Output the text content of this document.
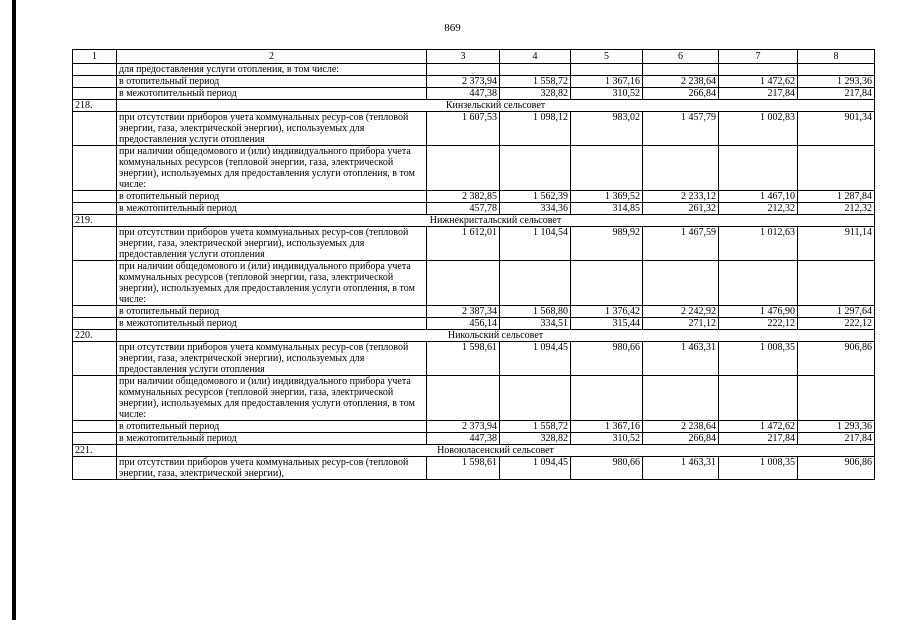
869
1	2	3	4	5	6	7	8
	для предоставления услуги отопления, в том числе:						
	в отопительный период	2 373,94	1 558,72	1 367,16	2 238,64	1 472,62	1 293,36
	в межотопительный период	447,38	328,82	310,52	266,84	217,84	217,84
218.	Кинзельский сельсовет						
	при отсутствии приборов учета коммунальных ресур-сов (тепловой энергии, газа, электрической энергии), используемых для предоставления услуги отопления	1 607,53	1 098,12	983,02	1 457,79	1 002,83	901,34
	при наличии общедомового и (или) индивидуального прибора учета коммунальных ресурсов (тепловой энергии, газа, электрической энергии), используемых для предоставления услуги отопления, в том числе:						
	в отопительный период	2 382,85	1 562,39	1 369,52	2 233,12	1 467,10	1 287,84
	в межотопительный период	457,78	334,36	314,85	261,32	212,32	212,32
219.	Нижнекристальский сельсовет						
	при отсутствии приборов учета коммунальных ресур-сов (тепловой энергии, газа, электрической энергии), используемых для предоставления услуги отопления	1 612,01	1 104,54	989,92	1 467,59	1 012,63	911,14
	при наличии общедомового и (или) индивидуального прибора учета коммунальных ресурсов (тепловой энергии, газа, электрической энергии), используемых для предоставления услуги отопления, в том числе:						
	в отопительный период	2 387,34	1 568,80	1 376,42	2 242,92	1 476,90	1 297,64
	в межотопительный период	456,14	334,51	315,44	271,12	222,12	222,12
220.	Никольский сельсовет						
	при отсутствии приборов учета коммунальных ресур-сов (тепловой энергии, газа, электрической энергии), используемых для предоставления услуги отопления	1 598,61	1 094,45	980,66	1 463,31	1 008,35	906,86
	при наличии общедомового и (или) индивидуального прибора учета коммунальных ресурсов (тепловой энергии, газа, электрической энергии), используемых для предоставления услуги отопления, в том числе:						
	в отопительный период	2 373,94	1 558,72	1 367,16	2 238,64	1 472,62	1 293,36
	в межотопительный период	447,38	328,82	310,52	266,84	217,84	217,84
221.	Новоюласенский сельсовет						
	при отсутствии приборов учета коммунальных ресур-сов (тепловой энергии, газа, электрической энергии),	1 598,61	1 094,45	980,66	1 463,31	1 008,35	906,86
